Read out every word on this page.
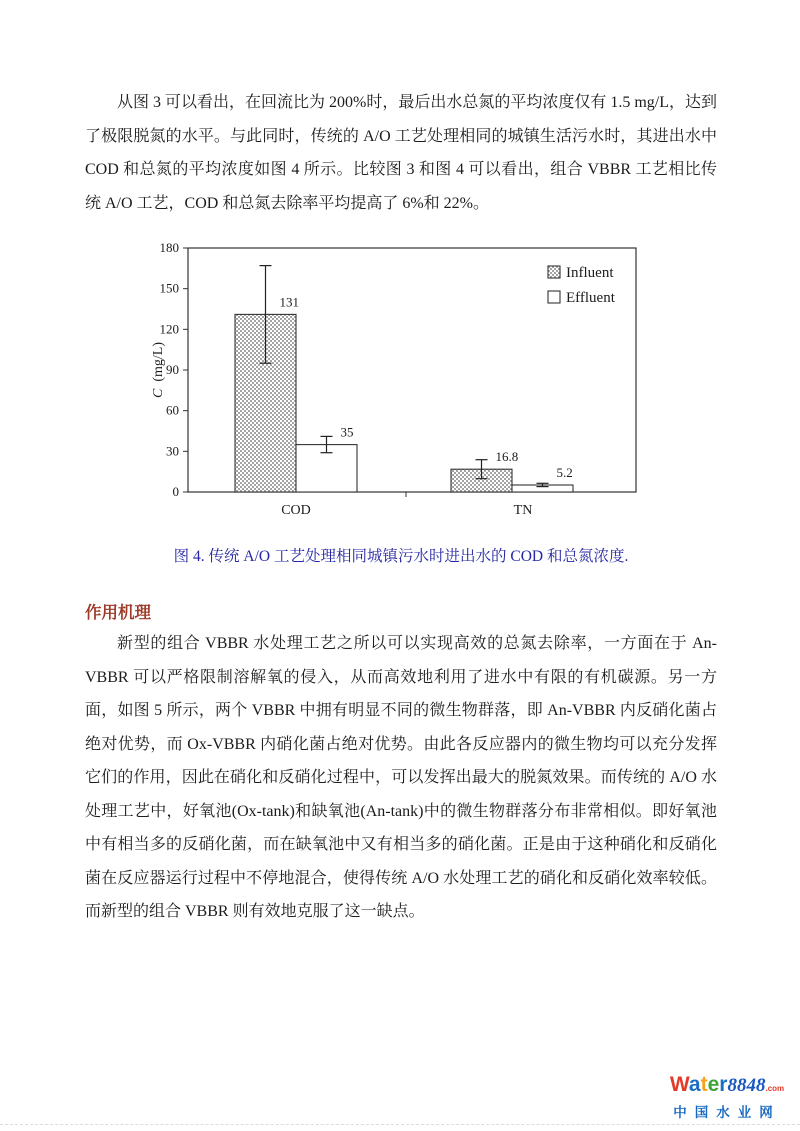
从图 3 可以看出，在回流比为 200%时，最后出水总氮的平均浓度仅有 1.5 mg/L，达到了极限脱氮的水平。与此同时，传统的 A/O 工艺处理相同的城镇生活污水时，其进出水中 COD 和总氮的平均浓度如图 4 所示。比较图 3 和图 4 可以看出，组合 VBBR 工艺相比传统 A/O 工艺，COD 和总氮去除率平均提高了 6%和 22%。
0
30
60
90
120
150
180
C  (mg/L)
131
35
COD
16.8
5.2
TN
Influent
Effluent
图 4. 传统 A/O 工艺处理相同城镇污水时进出水的 COD 和总氮浓度.
作用机理
新型的组合 VBBR 水处理工艺之所以可以实现高效的总氮去除率，一方面在于 An-VBBR 可以严格限制溶解氧的侵入，从而高效地利用了进水中有限的有机碳源。另一方面，如图 5 所示，两个 VBBR 中拥有明显不同的微生物群落，即 An-VBBR 内反硝化菌占绝对优势，而 Ox-VBBR 内硝化菌占绝对优势。由此各反应器内的微生物均可以充分发挥它们的作用，因此在硝化和反硝化过程中，可以发挥出最大的脱氮效果。而传统的 A/O 水处理工艺中，好氧池(Ox-tank)和缺氧池(An-tank)中的微生物群落分布非常相似。即好氧池中有相当多的反硝化菌，而在缺氧池中又有相当多的硝化菌。正是由于这种硝化和反硝化菌在反应器运行过程中不停地混合，使得传统 A/O 水处理工艺的硝化和反硝化效率较低。而新型的组合 VBBR 则有效地克服了这一缺点。
Water8848.com
中国水业网
